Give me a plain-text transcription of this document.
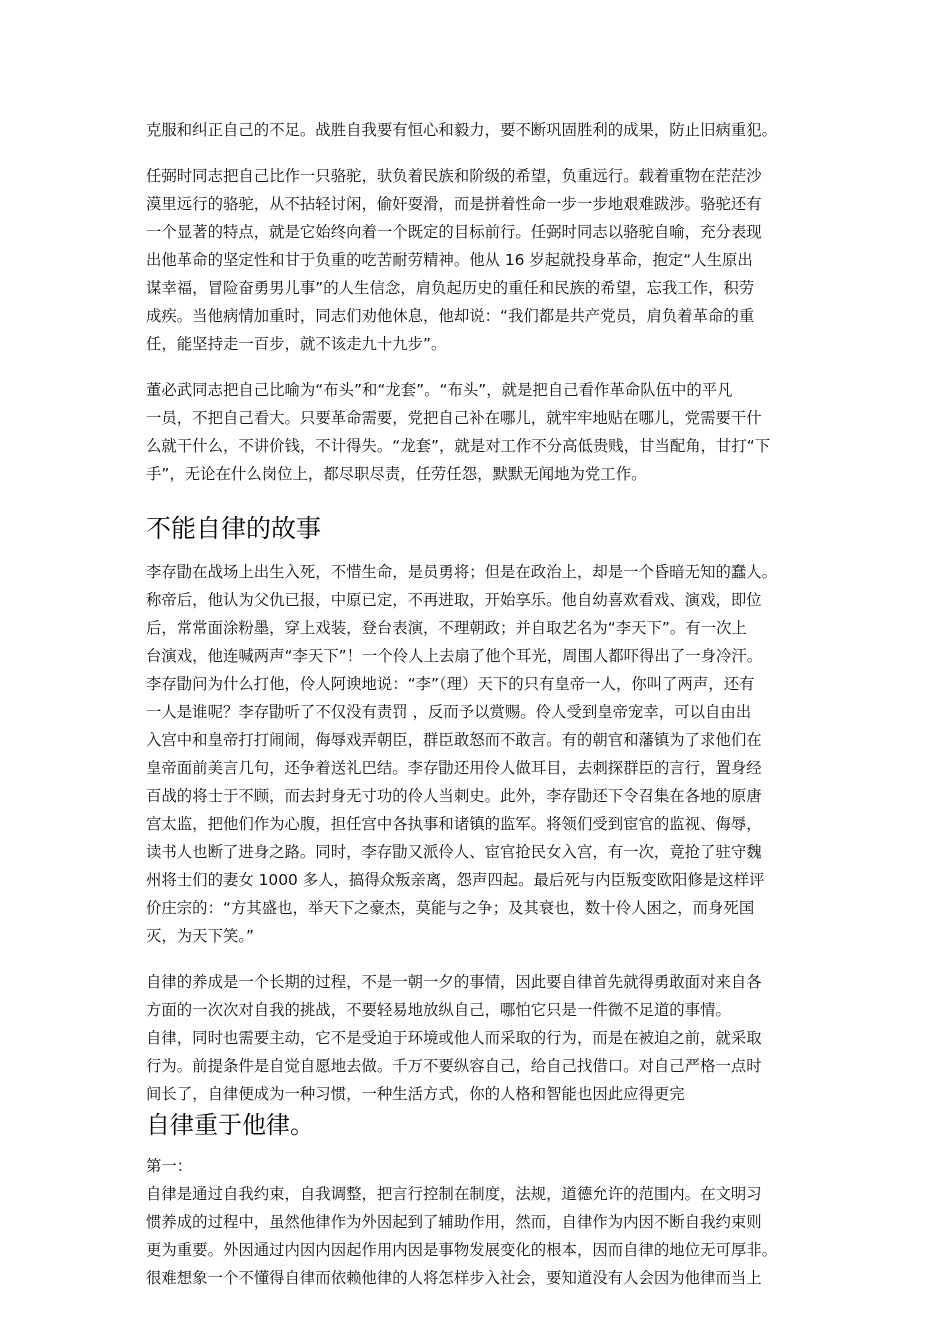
克服和纠正自己的不足。战胜自我要有恒心和毅力，要不断巩固胜利的成果，防止旧病重犯。

任弼时同志把自己比作一只骆驼，驮负着民族和阶级的希望，负重远行。载着重物在茫茫沙
漠里远行的骆驼，从不拈轻讨闲，偷奸耍滑，而是拼着性命一步一步地艰难跋涉。骆驼还有
一个显著的特点，就是它始终向着一个既定的目标前行。任弼时同志以骆驼自喻，充分表现
出他革命的坚定性和甘于负重的吃苦耐劳精神。他从 16 岁起就投身革命，抱定“人生原出
谋幸福，冒险奋勇男儿事”的人生信念，肩负起历史的重任和民族的希望，忘我工作，积劳
成疾。当他病情加重时，同志们劝他休息，他却说：“我们都是共产党员，肩负着革命的重
任，能坚持走一百步，就不该走九十九步”。

董必武同志把自己比喻为“布头”和“龙套”。“布头”，就是把自己看作革命队伍中的平凡
一员，不把自己看大。只要革命需要，党把自己补在哪儿，就牢牢地贴在哪儿，党需要干什
么就干什么，不讲价钱，不计得失。“龙套”，就是对工作不分高低贵贱，甘当配角，甘打“下
手”，无论在什么岗位上，都尽职尽责，任劳任怨，默默无闻地为党工作。

不能自律的故事

李存勖在战场上出生入死，不惜生命，是员勇将；但是在政治上，却是一个昏暗无知的蠢人。
称帝后，他认为父仇已报，中原已定，不再进取，开始享乐。他自幼喜欢看戏、演戏，即位
后，常常面涂粉墨，穿上戏装，登台表演，不理朝政；并自取艺名为“李天下”。有一次上
台演戏，他连喊两声“李天下”！一个伶人上去扇了他个耳光，周围人都吓得出了一身冷汗。
李存勖问为什么打他，伶人阿谀地说：“李”（理）天下的只有皇帝一人，你叫了两声，还有
一人是谁呢？李存勖听了不仅没有责罚 ，反而予以赏赐。伶人受到皇帝宠幸，可以自由出
入宫中和皇帝打打闹闹，侮辱戏弄朝臣，群臣敢怒而不敢言。有的朝官和藩镇为了求他们在
皇帝面前美言几句，还争着送礼巴结。李存勖还用伶人做耳目，去刺探群臣的言行，置身经
百战的将士于不顾，而去封身无寸功的伶人当刺史。此外，李存勖还下令召集在各地的原唐
宫太监，把他们作为心腹，担任宫中各执事和诸镇的监军。将领们受到宦官的监视、侮辱，
读书人也断了进身之路。同时，李存勖又派伶人、宦官抢民女入宫，有一次，竟抢了驻守魏
州将士们的妻女 1000 多人，搞得众叛亲离，怨声四起。最后死与内臣叛变欧阳修是这样评
价庄宗的：“方其盛也，举天下之豪杰，莫能与之争；及其衰也，数十伶人困之，而身死国
灭，为天下笑。”

自律的养成是一个长期的过程，不是一朝一夕的事情，因此要自律首先就得勇敢面对来自各
方面的一次次对自我的挑战，不要轻易地放纵自己，哪怕它只是一件微不足道的事情。
自律，同时也需要主动，它不是受迫于环境或他人而采取的行为，而是在被迫之前，就采取
行为。前提条件是自觉自愿地去做。千万不要纵容自己，给自己找借口。对自己严格一点时
间长了，自律便成为一种习惯，一种生活方式，你的人格和智能也因此应得更完

自律重于他律。

第一：

自律是通过自我约束，自我调整，把言行控制在制度，法规，道德允许的范围内。在文明习
惯养成的过程中，虽然他律作为外因起到了辅助作用，然而，自律作为内因不断自我约束则
更为重要。外因通过内因内因起作用内因是事物发展变化的根本，因而自律的地位无可厚非。
很难想象一个不懂得自律而依赖他律的人将怎样步入社会，要知道没有人会因为他律而当上
